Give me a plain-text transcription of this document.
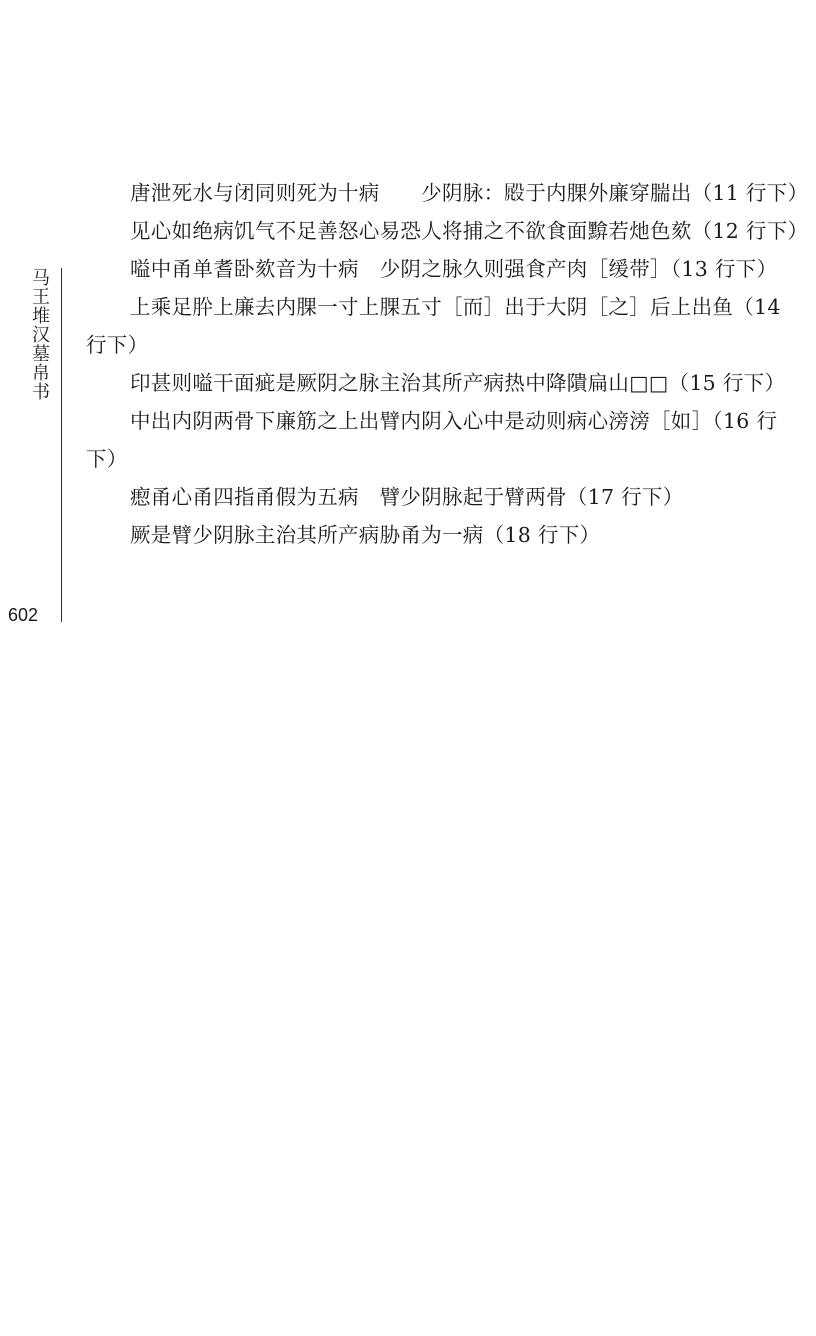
马王堆汉墓帛书
602

唐泄死水与闭同则死为十病　　少阴脉：𣪍于内腂外廉穿腨出（11 行下）

见心如绝病饥气不足善怒心易恐人将捕之不欲食面黭若灺色欬（12 行下）

嗌中甬单耆卧欬音为十病　少阴之脉久则强食产肉［缓带］（13 行下）

上乘足肸上廉去内腂一寸上腂五寸［而］出于大阴［之］后上出鱼（14 行下）

印甚则嗌干面疵是厥阴之脉主治其所产病热中降隤扁山□□（15 行下）

中出内阴两骨下廉筋之上出臂内阴入心中是动则病心滂滂［如］（16 行下）

瘛甬心甬四指甬假为五病　臂少阴脉起于臂两骨（17 行下）

厥是臂少阴脉主治其所产病胁甬为一病（18 行下）
